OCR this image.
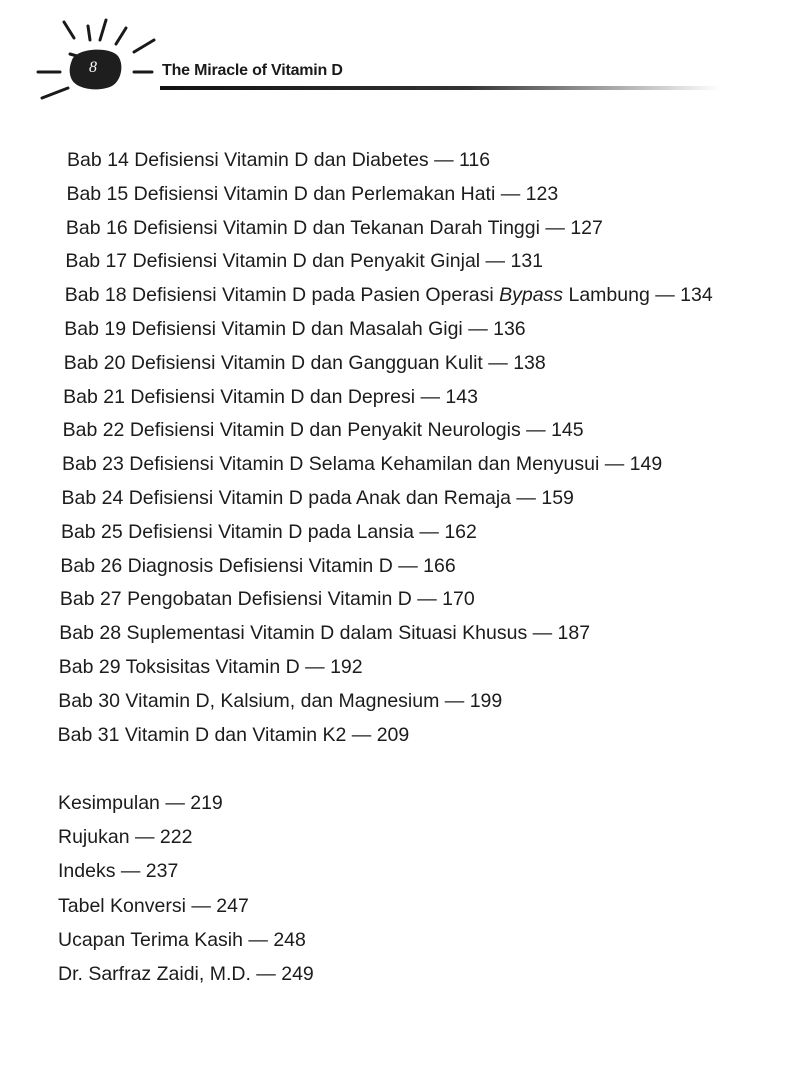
8	The Miracle of Vitamin D
Bab 14 Defisiensi Vitamin D dan Diabetes — 116
Bab 15 Defisiensi Vitamin D dan Perlemakan Hati — 123
Bab 16 Defisiensi Vitamin D dan Tekanan Darah Tinggi — 127
Bab 17 Defisiensi Vitamin D dan Penyakit Ginjal — 131
Bab 18 Defisiensi Vitamin D pada Pasien Operasi Bypass Lambung — 134
Bab 19 Defisiensi Vitamin D dan Masalah Gigi — 136
Bab 20 Defisiensi Vitamin D dan Gangguan Kulit — 138
Bab 21 Defisiensi Vitamin D dan Depresi — 143
Bab 22 Defisiensi Vitamin D dan Penyakit Neurologis — 145
Bab 23 Defisiensi Vitamin D Selama Kehamilan dan Menyusui — 149
Bab 24 Defisiensi Vitamin D pada Anak dan Remaja — 159
Bab 25 Defisiensi Vitamin D pada Lansia — 162
Bab 26 Diagnosis Defisiensi Vitamin D — 166
Bab 27 Pengobatan Defisiensi Vitamin D — 170
Bab 28 Suplementasi Vitamin D dalam Situasi Khusus — 187
Bab 29 Toksisitas Vitamin D — 192
Bab 30 Vitamin D, Kalsium, dan Magnesium — 199
Bab 31 Vitamin D dan Vitamin K2 — 209
Kesimpulan — 219
Rujukan — 222
Indeks — 237
Tabel Konversi — 247
Ucapan Terima Kasih — 248
Dr. Sarfraz Zaidi, M.D. — 249
